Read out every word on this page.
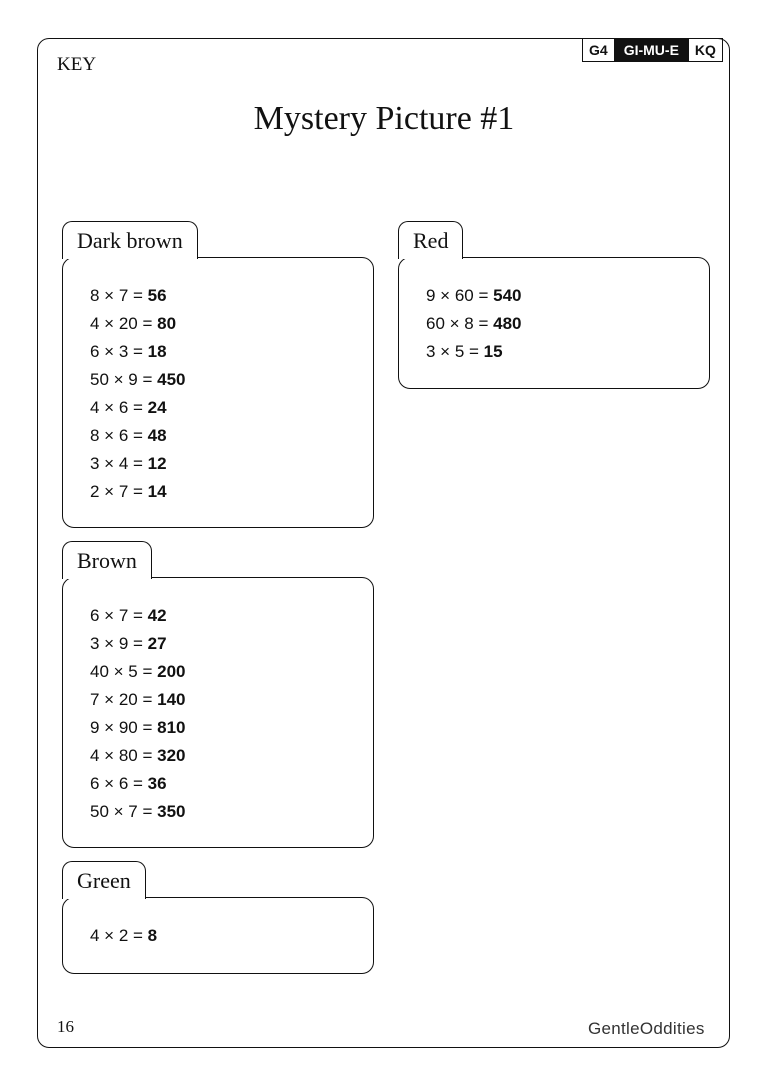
KEY
G4	GI-MU-E	KQ
Mystery Picture #1
Dark brown
8 × 7 = 56
4 × 20 = 80
6 × 3 = 18
50 × 9 = 450
4 × 6 = 24
8 × 6 = 48
3 × 4 = 12
2 × 7 = 14
Red
9 × 60 = 540
60 × 8 = 480
3 × 5 = 15
Brown
6 × 7 = 42
3 × 9 = 27
40 × 5 = 200
7 × 20 = 140
9 × 90 = 810
4 × 80 = 320
6 × 6 = 36
50 × 7 = 350
Green
4 × 2 = 8
16	GentleOddities
